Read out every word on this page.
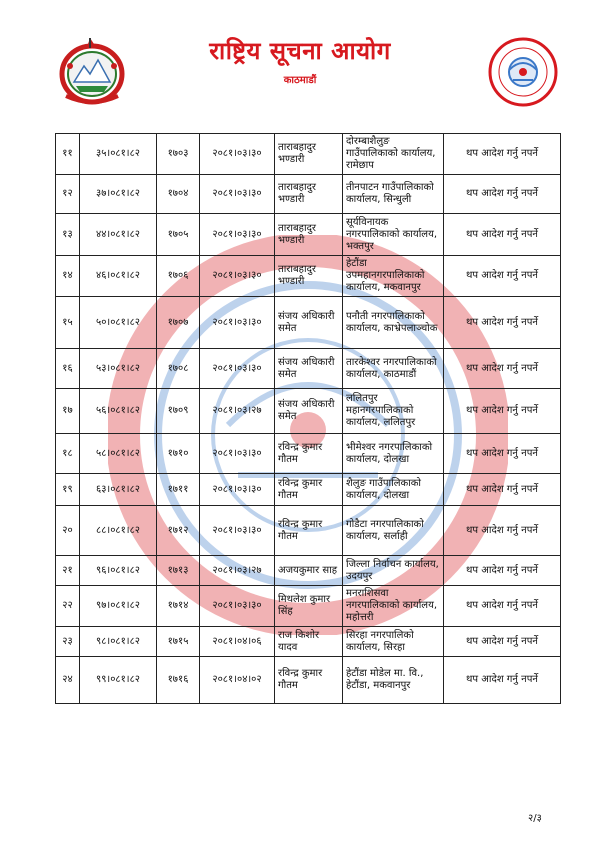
राष्ट्रिय सूचना आयोग
काठमाडौं
११	३५।०८१।८२	१७०३	२०८१।०३।३०	ताराबहादुर भण्डारी	दोरम्बाशैलुङ गाउँपालिकाको कार्यालय, रामेछाप	थप आदेश गर्नु नपर्ने
१२	३७।०८१।८२	१७०४	२०८१।०३।३०	ताराबहादुर भण्डारी	तीनपाटन गाउँपालिकाको कार्यालय, सिन्धुली	थप आदेश गर्नु नपर्ने
१३	४४।०८१।८२	१७०५	२०८१।०३।३०	ताराबहादुर भण्डारी	सूर्यविनायक नगरपालिकाको कार्यालय, भक्तपुर	थप आदेश गर्नु नपर्ने
१४	४६।०८१।८२	१७०६	२०८१।०३।३०	ताराबहादुर भण्डारी	हेटौंडा उपमहानगरपालिकाको कार्यालय, मकवानपुर	थप आदेश गर्नु नपर्ने
१५	५०।०८१।८२	१७०७	२०८१।०३।३०	संजय अधिकारी समेत	पनौती नगरपालिकाको कार्यालय, काभ्रेपलाञ्चोक	थप आदेश गर्नु नपर्ने
१६	५३।०८१।८२	१७०८	२०८१।०३।३०	संजय अधिकारी समेत	तारकेश्वर नगरपालिकाको कार्यालय, काठमाडौं	थप आदेश गर्नु नपर्ने
१७	५६।०८१।८२	१७०९	२०८१।०३।२७	संजय अधिकारी समेत	ललितपुर महानगरपालिकाको कार्यालय, ललितपुर	थप आदेश गर्नु नपर्ने
१८	५८।०८१।८२	१७१०	२०८१।०३।३०	रविन्द्र कुमार गौतम	भीमेश्वर नगरपालिकाको कार्यालय, दोलखा	थप आदेश गर्नु नपर्ने
१९	६३।०८१।८२	१७११	२०८१।०३।३०	रविन्द्र कुमार गौतम	शैलुङ गाउँपालिकाको कार्यालय, दोलखा	थप आदेश गर्नु नपर्ने
२०	८८।०८१।८२	१७१२	२०८१।०३।३०	रविन्द्र कुमार गौतम	गोडैटा नगरपालिकाको कार्यालय, सर्लाही	थप आदेश गर्नु नपर्ने
२१	९६।०८१।८२	१७१३	२०८१।०३।२७	अजयकुमार साह	जिल्ला निर्वाचन कार्यालय, उदयपुर	थप आदेश गर्नु नपर्ने
२२	९७।०८१।८२	१७१४	२०८१।०३।३०	मिथलेश कुमार सिंह	मनराशिसवा नगरपालिकाको कार्यालय, महोत्तरी	थप आदेश गर्नु नपर्ने
२३	९८।०८१।८२	१७१५	२०८१।०४।०६	राज किशोर यादव	सिरहा नगरपालिको कार्यालय, सिरहा	थप आदेश गर्नु नपर्ने
२४	९९।०८१।८२	१७१६	२०८१।०४।०२	रविन्द्र कुमार गौतम	हेटौंडा मोडेल मा. वि., हेटौंडा, मकवानपुर	थप आदेश गर्नु नपर्ने
२/३
